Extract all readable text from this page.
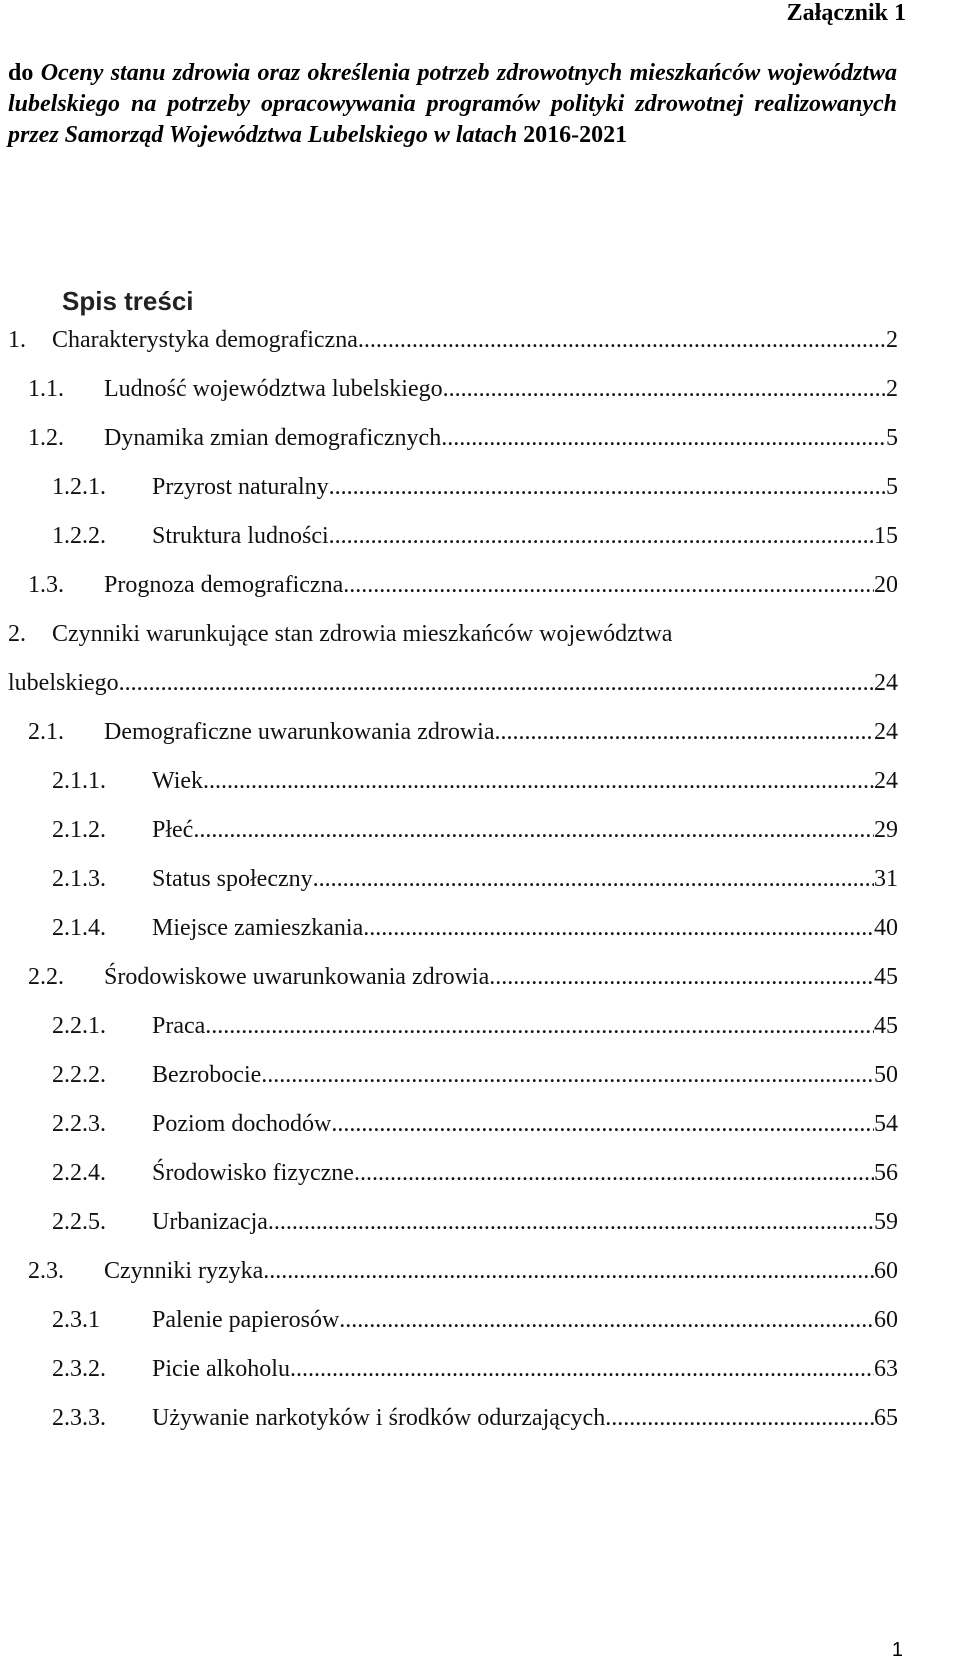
Załącznik 1
do Oceny stanu zdrowia oraz określenia potrzeb zdrowotnych mieszkańców województwa lubelskiego na potrzeby opracowywania programów polityki zdrowotnej realizowanych przez Samorząd Województwa Lubelskiego w latach 2016-2021
Spis treści
1. Charakterystyka demograficzna .....	2
1.1. Ludność województwa lubelskiego .....	2
1.2. Dynamika zmian demograficznych .....	5
1.2.1. Przyrost naturalny .....	5
1.2.2. Struktura ludności .....	15
1.3. Prognoza demograficzna .....	20
2. Czynniki warunkujące stan zdrowia mieszkańców województwa
lubelskiego .....	24
2.1. Demograficzne uwarunkowania zdrowia .....	24
2.1.1. Wiek .....	24
2.1.2. Płeć .....	29
2.1.3. Status społeczny .....	31
2.1.4. Miejsce zamieszkania .....	40
2.2. Środowiskowe uwarunkowania zdrowia .....	45
2.2.1. Praca .....	45
2.2.2. Bezrobocie .....	50
2.2.3. Poziom dochodów .....	54
2.2.4. Środowisko fizyczne .....	56
2.2.5. Urbanizacja .....	59
2.3. Czynniki ryzyka .....	60
2.3.1 Palenie papierosów .....	60
2.3.2. Picie alkoholu .....	63
2.3.3. Używanie narkotyków i środków odurzających .....	65
1
